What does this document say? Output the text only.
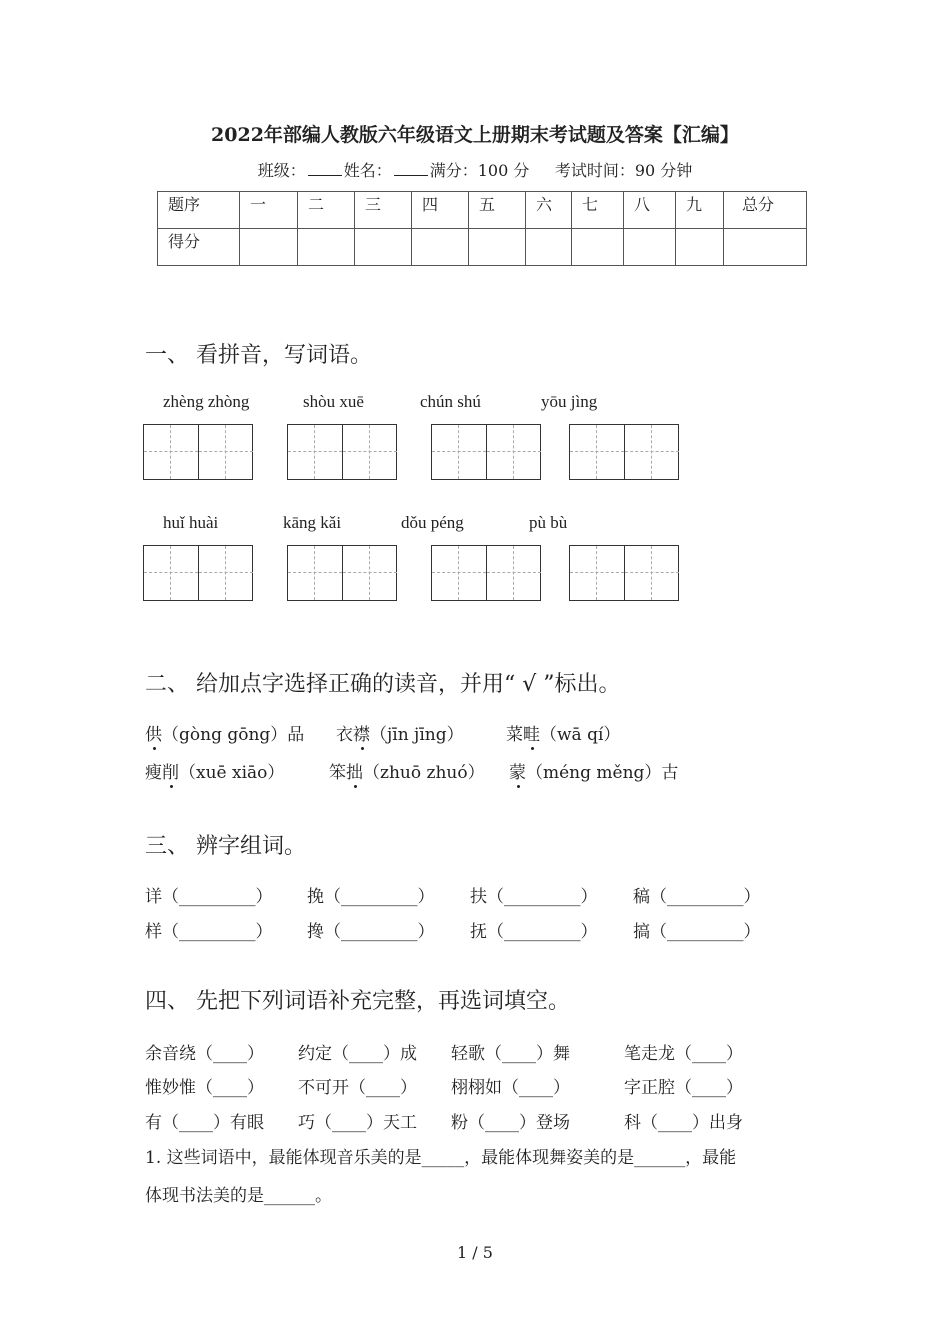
2022年部编人教版六年级语文上册期末考试题及答案【汇编】
班级： 姓名： 满分：100 分 考试时间：90 分钟
题序	一	二	三	四	五	六	七	八	九	总分
得分										
一、 看拼音，写词语。
zhèng zhòng	shòu xuē	chún shú	yōu jìng
huǐ huài	kāng kǎi	dǒu péng	pù bù
二、 给加点字选择正确的读音，并用“ √ ”标出。
供（gòng gōng）品 衣襟（jīn jīng） 菜畦（wā qí）
瘦削（xuē xiāo）	笨拙（zhuō zhuó） 蒙（méng měng）古
三、 辨字组词。
详（_________） 挽（_________） 扶（_________） 稿（_________）
样（_________） 搀（_________） 抚（_________） 搞（_________）
四、 先把下列词语补充完整，再选词填空。
余音绕（____） 约定（____）成 轻歌（____）舞	笔走龙（____）
惟妙惟（____） 不可开（____） 栩栩如（____）	字正腔（____）
有（____）有眼 巧（____）天工 粉（____）登场	科（____）出身
1. 这些词语中，最能体现音乐美的是_____，最能体现舞姿美的是______，最能
体现书法美的是______。
1 / 5
